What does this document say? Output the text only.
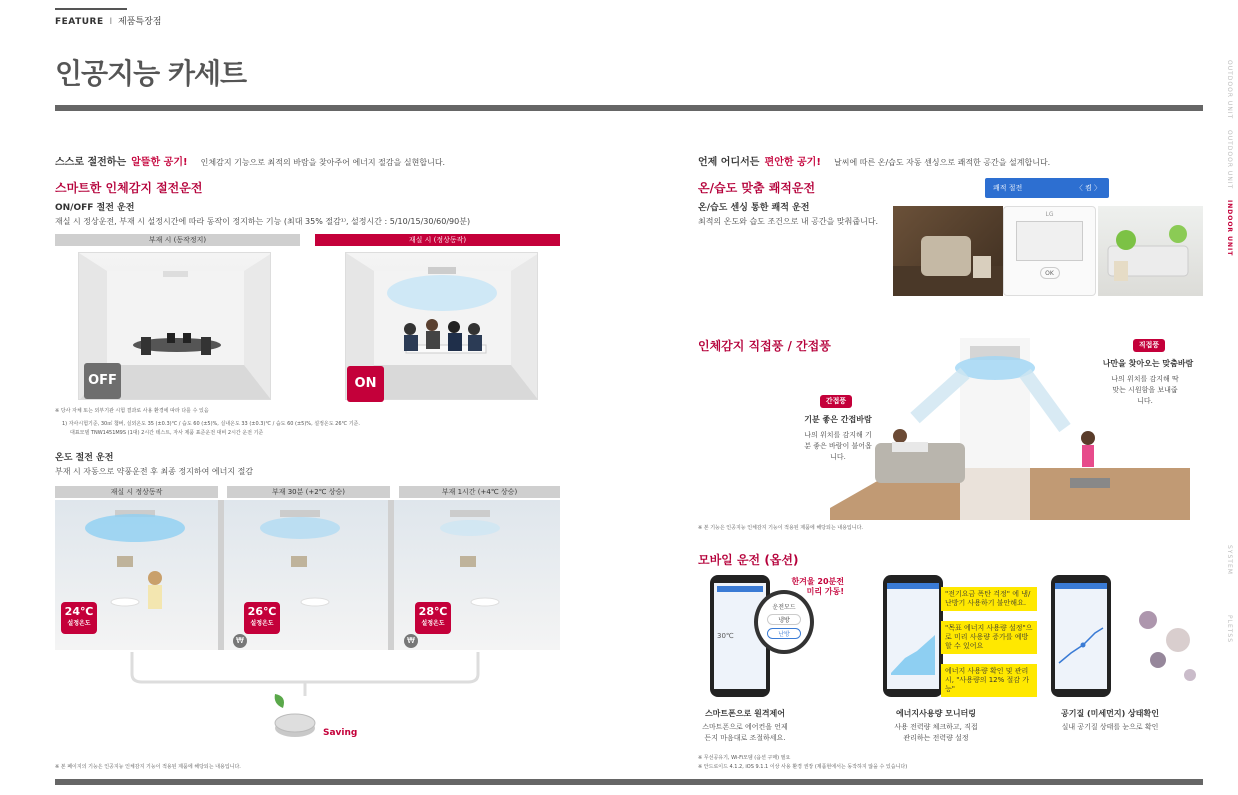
FEATURE I 제품특장점
인공지능 카세트
스스로 절전하는 알뜰한 공기! 인체감지 기능으로 최적의 바람을 찾아주어 에너지 절감을 실현합니다.
스마트한 인체감지 절전운전
ON/OFF 절전 운전
재실 시 정상운전, 부재 시 설정시간에 따라 동작이 정지하는 기능 (최대 35% 절감¹⁾, 설정시간 : 5/10/15/30/60/90분)
부재 시 (동작정지)	재실 시 (정상동작)
OFF	ON
※ 당사 자체 또는 외부기관 시험 결과로 사용 환경에 따라 다를 수 있음
1) 자사시험기준, 30㎡ 챔버, 실외온도 35 (±0.3)℃ / 습도 60 (±5)%, 실내온도 33 (±0.3)℃ / 습도 60 (±5)%, 설정온도 26℃ 기준.
대표모델 TNW1451M9S (1대) 2시간 테스트, 자사 제품 표준운전 대비 2시간 운전 기준
온도 절전 운전
부재 시 자동으로 약풍운전 후 최종 정지하여 에너지 절감
재실 시 정상동작	부재 30분 (+2℃ 상승)	부재 1시간 (+4℃ 상승)
24℃
설정온도
26℃
설정온도
28℃
설정온도
₩	₩
Saving
※ 본 페이지의 기능은 인공지능 인체감지 기능이 적용된 제품에 해당되는 내용입니다.
언제 어디서든 편안한 공기! 날씨에 따른 온/습도 자동 센싱으로 쾌적한 공간을 설계합니다.
온/습도 맞춤 쾌적운전
온/습도 센싱 통한 쾌적 운전
최적의 온도와 습도 조건으로 내 공간을 맞춰줍니다.
쾌적 절전	〈 켬 〉
LG
OK
인체감지 직접풍 / 간접풍
간접풍
기분 좋은 간접바람
나의 위치를 감지해 기분 좋은 바람이 불어옵니다.
직접풍
나만을 찾아오는 맞춤바람
나의 위치를 감지해 딱 맞는 시원함을 보내줍니다.
※ 본 기능은 인공지능 인체감지 기능이 적용된 제품에 해당되는 내용입니다.
모바일 운전 (옵션)
30℃
운전모드
냉방
난방
한겨울 20분전 미리 가동!	"전기요금 폭탄 걱정" 에 냉/난방기 사용하기 불안해요.
"목표 에너지 사용량 설정"으로 미리 사용량 증가를 예방할 수 있어요
에너지 사용량 확인 및 관리시, "사용량의 12% 절감 가능"
스마트폰으로 원격제어
스마트폰으로 에어컨을 언제든지 마음대로 조절하세요.
에너지사용량 모니터링
사용 전력량 체크하고, 직접 관리하는 전력량 설정
공기질 (미세먼지) 상태확인
실내 공기질 상태를 눈으로 확인
※ 무선공유기, Wi-Fi모뎀 (옵션 구매) 필요
※ 안드로이드 4.1.2, iOS 9.1.1 이상 사용 환경 권장 (제품현에서는 동작하지 않을 수 있습니다)
OUTDOOR UNIT
OUTDOOR UNIT
INDOOR UNIT
SYSTEM
PLETSS
